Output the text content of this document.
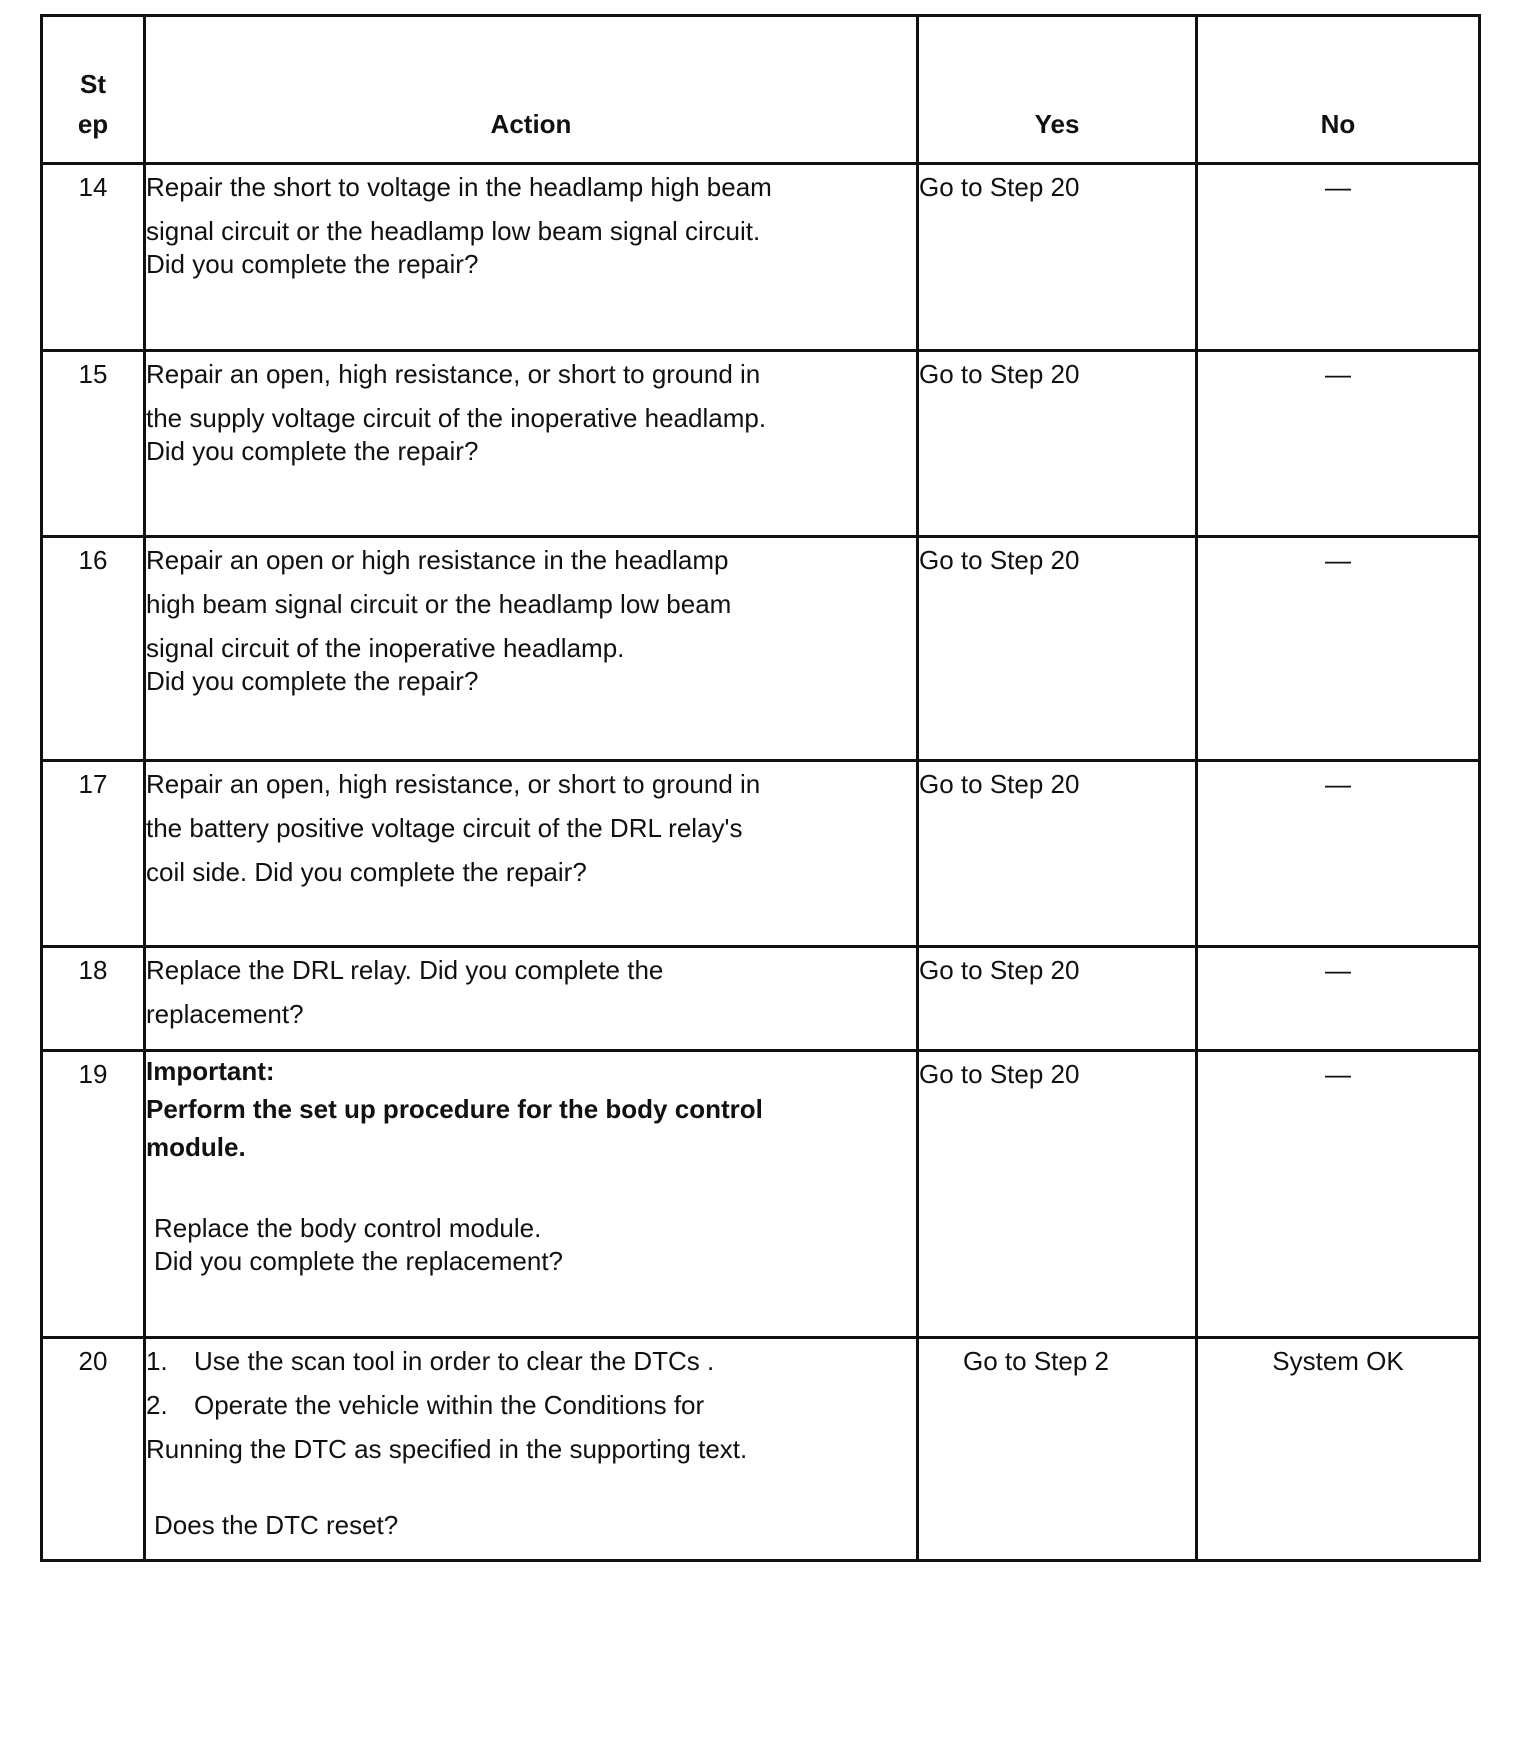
St
ep	Action	Yes	No
14	Repair the short to voltage in the headlamp high beam
signal circuit or the headlamp low beam signal circuit.
Did you complete the repair?	Go to Step 20	—
15	Repair an open, high resistance, or short to ground in
the supply voltage circuit of the inoperative headlamp.
Did you complete the repair?	Go to Step 20	—
16	Repair an open or high resistance in the headlamp
high beam signal circuit or the headlamp low beam
signal circuit of the inoperative headlamp.
Did you complete the repair?	Go to Step 20	—
17	Repair an open, high resistance, or short to ground in
the battery positive voltage circuit of the DRL relay's
coil side. Did you complete the repair?	Go to Step 20	—
18	Replace the DRL relay. Did you complete the
replacement?	Go to Step 20	—
19	Important:
Perform the set up procedure for the body control
module.
Replace the body control module.
Did you complete the replacement?	Go to Step 20	—
20	1. Use the scan tool in order to clear the DTCs .
2. Operate the vehicle within the Conditions for
Running the DTC as specified in the supporting text.
Does the DTC reset?	Go to Step 2	System OK
